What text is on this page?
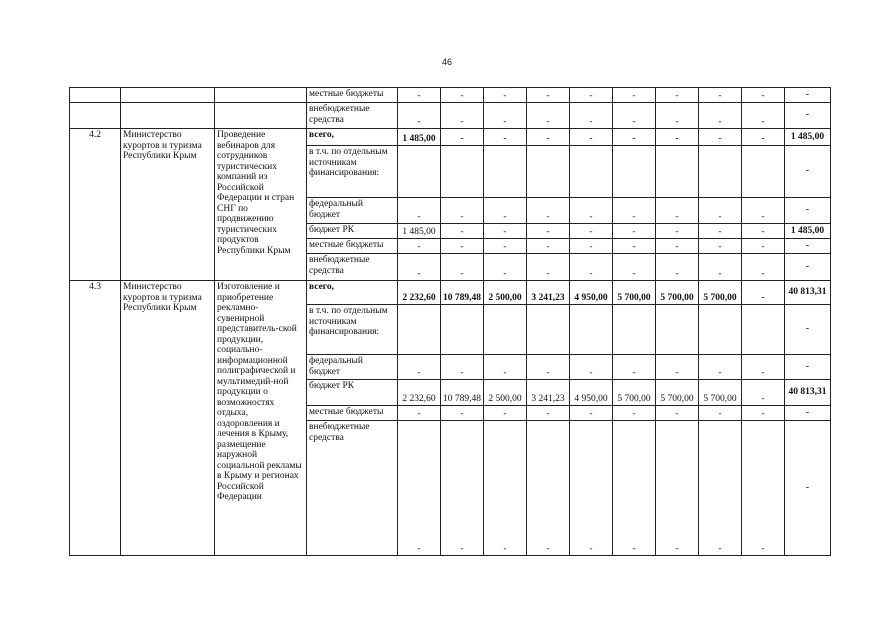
46
			местные бюджеты	-	-	-	-	-	-	-	-	-	-
			внебюджетные средства	-	-	-	-	-	-	-	-	-	-
4.2	Министерство курортов и туризма Республики Крым	Проведение вебинаров для сотрудников туристических компаний из Российской Федерации и стран СНГ по продвижению туристических продуктов Республики Крым	всего,	1 485,00	-	-	-	-	-	-	-	-	1 485,00
			в т.ч. по отдельным источникам финансирования:										-
			федеральный бюджет	-	-	-	-	-	-	-	-	-	-
			бюджет РК	1 485,00	-	-	-	-	-	-	-	-	1 485,00
			местные бюджеты	-	-	-	-	-	-	-	-	-	-
			внебюджетные средства	-	-	-	-	-	-	-	-	-	-
4.3	Министерство курортов и туризма Республики Крым	Изготовление и приобретение рекламно-сувенирной представитель-ской продукции, социально-информационной полиграфической и мультимедий-ной продукции о возможностях отдыха, оздоровления и лечения в Крыму, размещение наружной социальной рекламы в Крыму и регионах Российской Федерации	всего,	2 232,60	10 789,48	2 500,00	3 241,23	4 950,00	5 700,00	5 700,00	5 700,00	-	40 813,31
			в т.ч. по отдельным источникам финансирования:										-
			федеральный бюджет	-	-	-	-	-	-	-	-	-	-
			бюджет РК	2 232,60	10 789,48	2 500,00	3 241,23	4 950,00	5 700,00	5 700,00	5 700,00	-	40 813,31
			местные бюджеты	-	-	-	-	-	-	-	-	-	-
			внебюджетные средства	-	-	-	-	-	-	-	-	-	-
